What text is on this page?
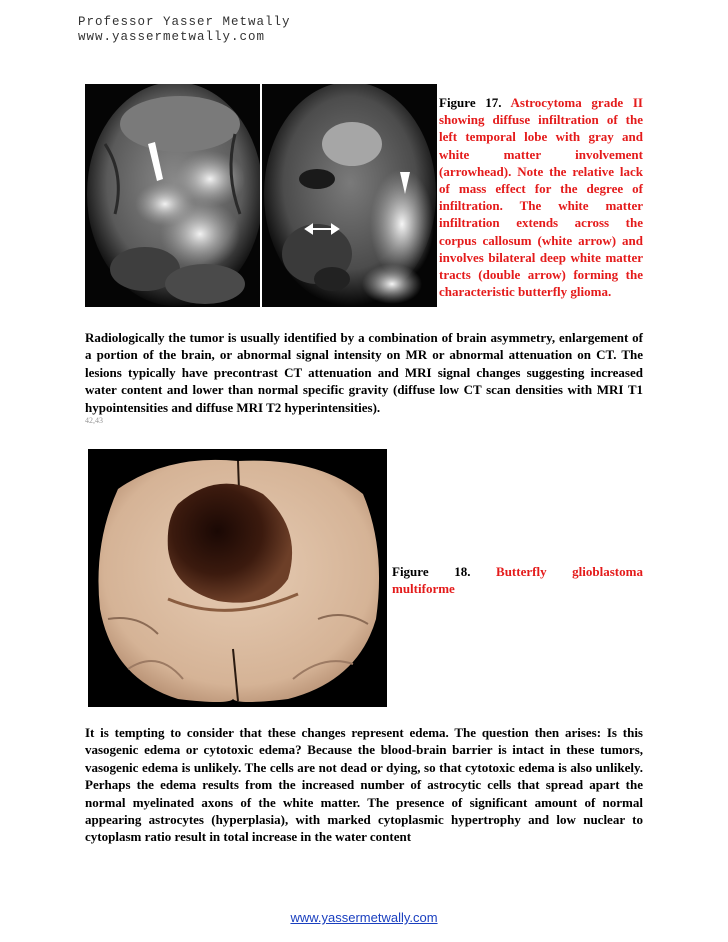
Professor Yasser Metwally
www.yassermetwally.com
Figure 17. Astrocytoma grade II showing diffuse infiltration of the left temporal lobe with gray and white matter involvement (arrowhead). Note the relative lack of mass effect for the degree of infiltration. The white matter infiltration extends across the corpus callosum (white arrow) and involves bilateral deep white matter tracts (double arrow) forming the characteristic butterfly glioma.
Radiologically the tumor is usually identified by a combination of brain asymmetry, enlargement of a portion of the brain, or abnormal signal intensity on MR or abnormal attenuation on CT. The lesions typically have precontrast CT attenuation and MRI signal changes suggesting increased water content and lower than normal specific gravity (diffuse low CT scan densities with MRI T1 hypointensities and diffuse MRI T2 hyperintensities).
42,43
Figure 18. Butterfly glioblastoma
multiforme
It is tempting to consider that these changes represent edema. The question then arises: Is this vasogenic edema or cytotoxic edema? Because the blood-brain barrier is intact in these tumors, vasogenic edema is unlikely. The cells are not dead or dying, so that cytotoxic edema is also unlikely. Perhaps the edema results from the increased number of astrocytic cells that spread apart the normal myelinated axons of the white matter. The presence of significant amount of normal appearing astrocytes (hyperplasia), with marked cytoplasmic hypertrophy and low nuclear to cytoplasm ratio result in total increase in the water content
www.yassermetwally.com
